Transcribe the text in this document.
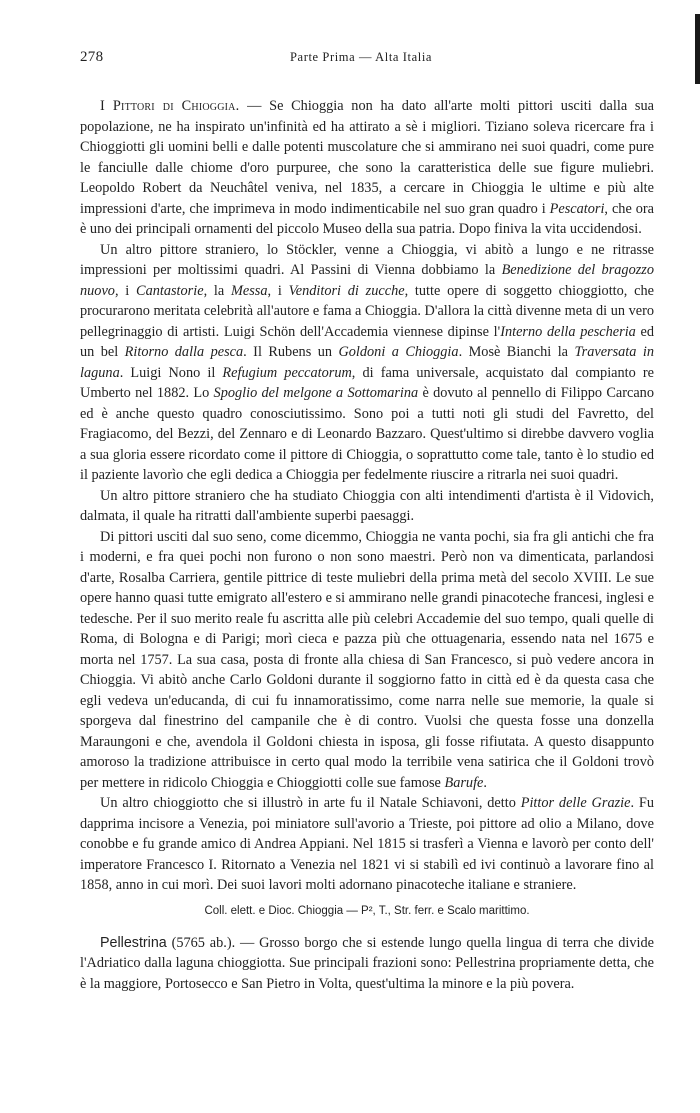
278	Parte Prima — Alta Italia

I Pittori di Chioggia. — Se Chioggia non ha dato all'arte molti pittori usciti dalla sua popolazione, ne ha inspirato un'infinità ed ha attirato a sè i migliori. Tiziano soleva ricercare fra i Chioggiotti gli uomini belli e dalle potenti muscolature che si ammirano nei suoi quadri, come pure le fanciulle dalle chiome d'oro purpuree, che sono la caratteristica delle sue figure muliebri. Leopoldo Robert da Neuchâtel veniva, nel 1835, a cercare in Chioggia le ultime e più alte impressioni d'arte, che imprimeva in modo indimenticabile nel suo gran quadro i Pescatori, che ora è uno dei principali ornamenti del piccolo Museo della sua patria. Dopo finiva la vita uccidendosi.

Un altro pittore straniero, lo Stöckler, venne a Chioggia, vi abitò a lungo e ne ritrasse impressioni per moltissimi quadri. Al Passini di Vienna dobbiamo la Benedizione del bragozzo nuovo, i Cantastorie, la Messa, i Venditori di zucche, tutte opere di soggetto chioggiotto, che procurarono meritata celebrità all'autore e fama a Chioggia. D'allora la città divenne meta di un vero pellegrinaggio di artisti. Luigi Schön dell'Accademia viennese dipinse l'Interno della pescheria ed un bel Ritorno dalla pesca. Il Rubens un Goldoni a Chioggia. Mosè Bianchi la Traversata in laguna. Luigi Nono il Refugium peccatorum, di fama universale, acquistato dal compianto re Umberto nel 1882. Lo Spoglio del melgone a Sottomarina è dovuto al pennello di Filippo Carcano ed è anche questo quadro conosciutissimo. Sono poi a tutti noti gli studi del Favretto, del Fragiacomo, del Bezzi, del Zennaro e di Leonardo Bazzaro. Quest'ultimo si direbbe davvero voglia a sua gloria essere ricordato come il pittore di Chioggia, o soprattutto come tale, tanto è lo studio ed il paziente lavorìo che egli dedica a Chioggia per fedelmente riuscire a ritrarla nei suoi quadri.

Un altro pittore straniero che ha studiato Chioggia con alti intendimenti d'artista è il Vidovich, dalmata, il quale ha ritratti dall'ambiente superbi paesaggi.

Di pittori usciti dal suo seno, come dicemmo, Chioggia ne vanta pochi, sia fra gli antichi che fra i moderni, e fra quei pochi non furono o non sono maestri. Però non va dimenticata, parlandosi d'arte, Rosalba Carriera, gentile pittrice di teste muliebri della prima metà del secolo XVIII. Le sue opere hanno quasi tutte emigrato all'estero e si ammirano nelle grandi pinacoteche francesi, inglesi e tedesche. Per il suo merito reale fu ascritta alle più celebri Accademie del suo tempo, quali quelle di Roma, di Bologna e di Parigi; morì cieca e pazza più che ottuagenaria, essendo nata nel 1675 e morta nel 1757. La sua casa, posta di fronte alla chiesa di San Francesco, si può vedere ancora in Chioggia. Vi abitò anche Carlo Goldoni durante il soggiorno fatto in città ed è da questa casa che egli vedeva un'educanda, di cui fu innamoratissimo, come narra nelle sue memorie, la quale si sporgeva dal finestrino del campanile che è di contro. Vuolsi che questa fosse una donzella Maraungoni e che, avendola il Goldoni chiesta in isposa, gli fosse rifiutata. A questo disappunto amoroso la tradizione attribuisce in certo qual modo la terribile vena satirica che il Goldoni trovò per mettere in ridicolo Chioggia e Chioggiotti colle sue famose Barufe.

Un altro chioggiotto che si illustrò in arte fu il Natale Schiavoni, detto Pittor delle Grazie. Fu dapprima incisore a Venezia, poi miniatore sull'avorio a Trieste, poi pittore ad olio a Milano, dove conobbe e fu grande amico di Andrea Appiani. Nel 1815 si trasferì a Vienna e lavorò per conto dell' imperatore Francesco I. Ritornato a Venezia nel 1821 vi si stabilì ed ivi continuò a lavorare fino al 1858, anno in cui morì. Dei suoi lavori molti adornano pinacoteche italiane e straniere.

Coll. elett. e Dioc. Chioggia — P², T., Str. ferr. e Scalo marittimo.

Pellestrina (5765 ab.). — Grosso borgo che si estende lungo quella lingua di terra che divide l'Adriatico dalla laguna chioggiotta. Sue principali frazioni sono: Pellestrina propriamente detta, che è la maggiore, Portosecco e San Pietro in Volta, quest'ultima la minore e la più povera.
